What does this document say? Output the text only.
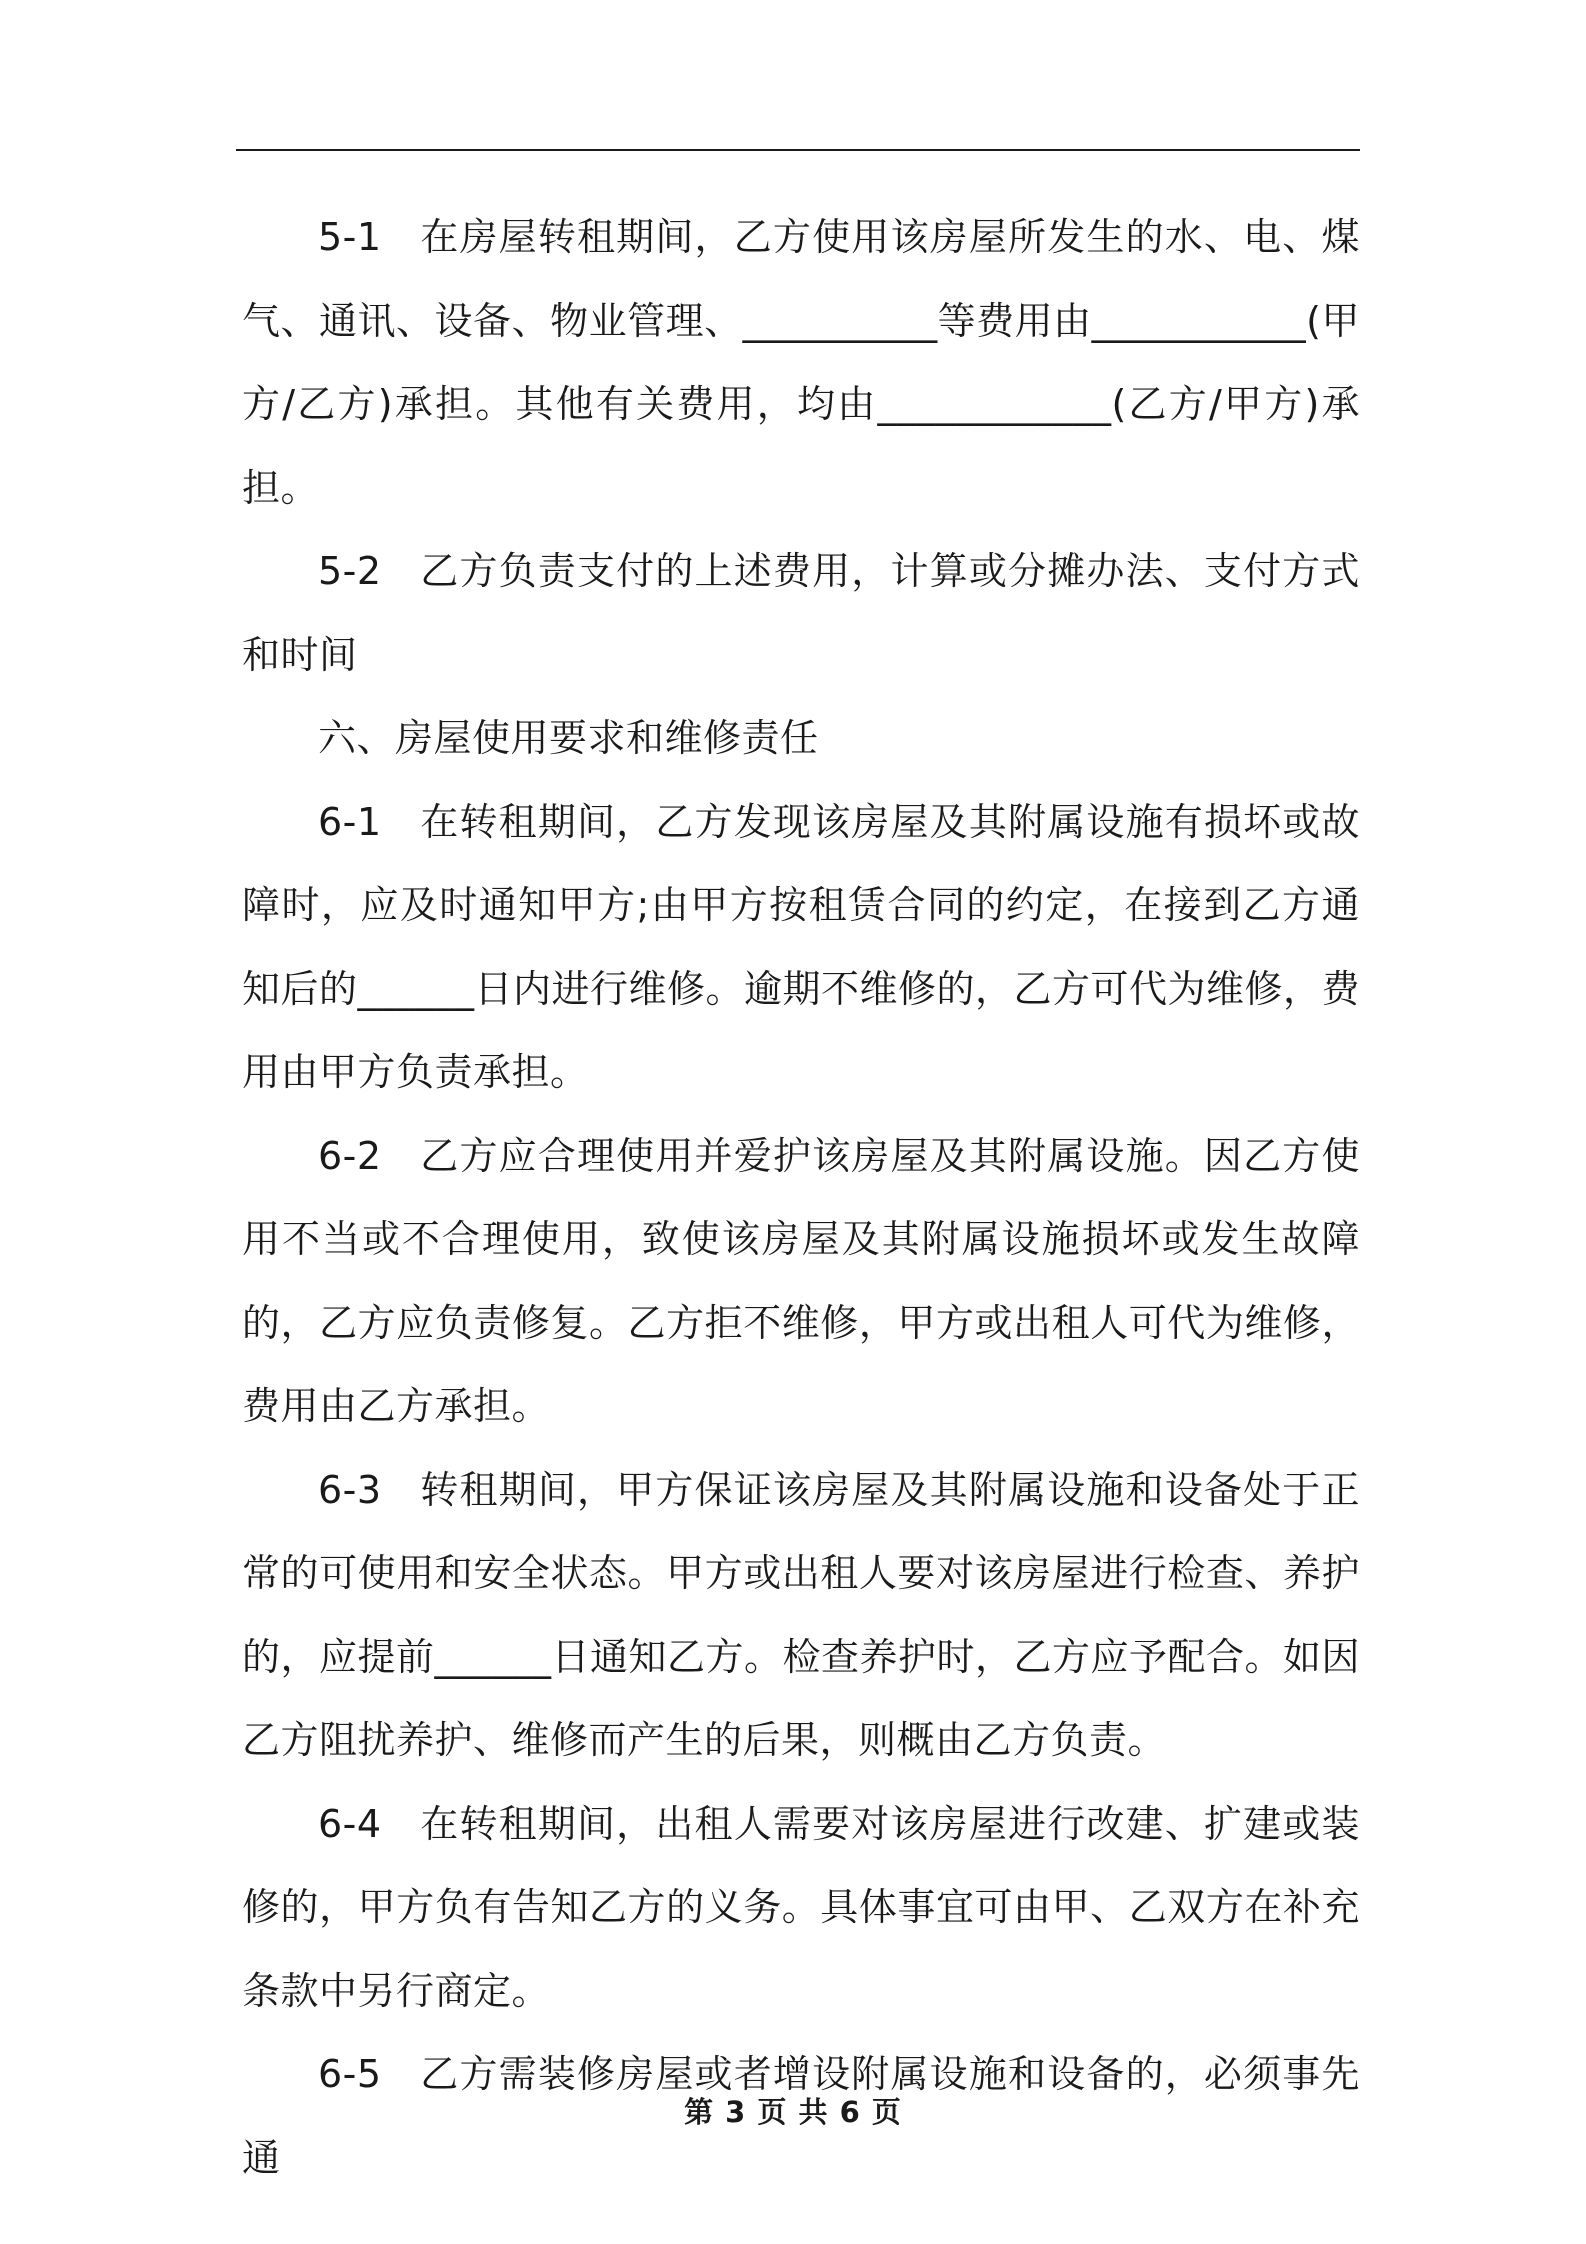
5-1 在房屋转租期间，乙方使用该房屋所发生的水、电、煤气、通讯、设备、物业管理、__________等费用由___________(甲方/乙方)承担。其他有关费用，均由____________(乙方/甲方)承担。

5-2 乙方负责支付的上述费用，计算或分摊办法、支付方式和时间

六、房屋使用要求和维修责任

6-1 在转租期间，乙方发现该房屋及其附属设施有损坏或故障时，应及时通知甲方;由甲方按租赁合同的约定，在接到乙方通知后的______日内进行维修。逾期不维修的，乙方可代为维修，费用由甲方负责承担。

6-2 乙方应合理使用并爱护该房屋及其附属设施。因乙方使用不当或不合理使用，致使该房屋及其附属设施损坏或发生故障的，乙方应负责修复。乙方拒不维修，甲方或出租人可代为维修，费用由乙方承担。

6-3 转租期间，甲方保证该房屋及其附属设施和设备处于正常的可使用和安全状态。甲方或出租人要对该房屋进行检查、养护的，应提前______日通知乙方。检查养护时，乙方应予配合。如因乙方阻扰养护、维修而产生的后果，则概由乙方负责。

6-4 在转租期间，出租人需要对该房屋进行改建、扩建或装修的，甲方负有告知乙方的义务。具体事宜可由甲、乙双方在补充条款中另行商定。

6-5 乙方需装修房屋或者增设附属设施和设备的，必须事先通

第 3 页 共 6 页
